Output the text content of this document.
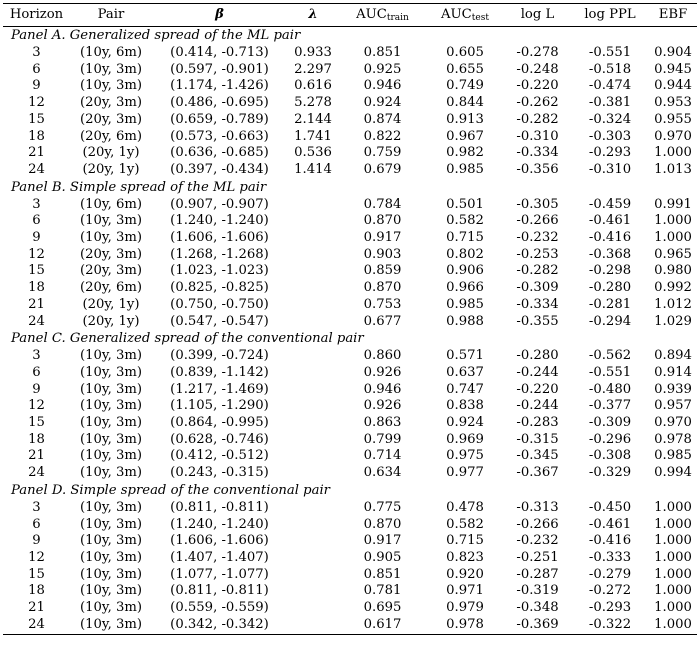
Horizon	Pair	β	λ	$AUC_{train}$	$AUC_{test}$	log L	log PPL	EBF
Panel A. Generalized spread of the ML pair								
3	(10y, 6m)	(0.414, -0.713)	0.933	0.851	0.605	-0.278	-0.551	0.904
6	(10y, 3m)	(0.597, -0.901)	2.297	0.925	0.655	-0.248	-0.518	0.945
9	(10y, 3m)	(1.174, -1.426)	0.616	0.946	0.749	-0.220	-0.474	0.944
12	(20y, 3m)	(0.486, -0.695)	5.278	0.924	0.844	-0.262	-0.381	0.953
15	(20y, 3m)	(0.659, -0.789)	2.144	0.874	0.913	-0.282	-0.324	0.955
18	(20y, 6m)	(0.573, -0.663)	1.741	0.822	0.967	-0.310	-0.303	0.970
21	(20y, 1y)	(0.636, -0.685)	0.536	0.759	0.982	-0.334	-0.293	1.000
24	(20y, 1y)	(0.397, -0.434)	1.414	0.679	0.985	-0.356	-0.310	1.013
Panel B. Simple spread of the ML pair								
3	(10y, 6m)	(0.907, -0.907)		0.784	0.501	-0.305	-0.459	0.991
6	(10y, 3m)	(1.240, -1.240)		0.870	0.582	-0.266	-0.461	1.000
9	(10y, 3m)	(1.606, -1.606)		0.917	0.715	-0.232	-0.416	1.000
12	(20y, 3m)	(1.268, -1.268)		0.903	0.802	-0.253	-0.368	0.965
15	(20y, 3m)	(1.023, -1.023)		0.859	0.906	-0.282	-0.298	0.980
18	(20y, 6m)	(0.825, -0.825)		0.870	0.966	-0.309	-0.280	0.992
21	(20y, 1y)	(0.750, -0.750)		0.753	0.985	-0.334	-0.281	1.012
24	(20y, 1y)	(0.547, -0.547)		0.677	0.988	-0.355	-0.294	1.029
Panel C. Generalized spread of the conventional pair								
3	(10y, 3m)	(0.399, -0.724)		0.860	0.571	-0.280	-0.562	0.894
6	(10y, 3m)	(0.839, -1.142)		0.926	0.637	-0.244	-0.551	0.914
9	(10y, 3m)	(1.217, -1.469)		0.946	0.747	-0.220	-0.480	0.939
12	(10y, 3m)	(1.105, -1.290)		0.926	0.838	-0.244	-0.377	0.957
15	(10y, 3m)	(0.864, -0.995)		0.863	0.924	-0.283	-0.309	0.970
18	(10y, 3m)	(0.628, -0.746)		0.799	0.969	-0.315	-0.296	0.978
21	(10y, 3m)	(0.412, -0.512)		0.714	0.975	-0.345	-0.308	0.985
24	(10y, 3m)	(0.243, -0.315)		0.634	0.977	-0.367	-0.329	0.994
Panel D. Simple spread of the conventional pair								
3	(10y, 3m)	(0.811, -0.811)		0.775	0.478	-0.313	-0.450	1.000
6	(10y, 3m)	(1.240, -1.240)		0.870	0.582	-0.266	-0.461	1.000
9	(10y, 3m)	(1.606, -1.606)		0.917	0.715	-0.232	-0.416	1.000
12	(10y, 3m)	(1.407, -1.407)		0.905	0.823	-0.251	-0.333	1.000
15	(10y, 3m)	(1.077, -1.077)		0.851	0.920	-0.287	-0.279	1.000
18	(10y, 3m)	(0.811, -0.811)		0.781	0.971	-0.319	-0.272	1.000
21	(10y, 3m)	(0.559, -0.559)		0.695	0.979	-0.348	-0.293	1.000
24	(10y, 3m)	(0.342, -0.342)		0.617	0.978	-0.369	-0.322	1.000
